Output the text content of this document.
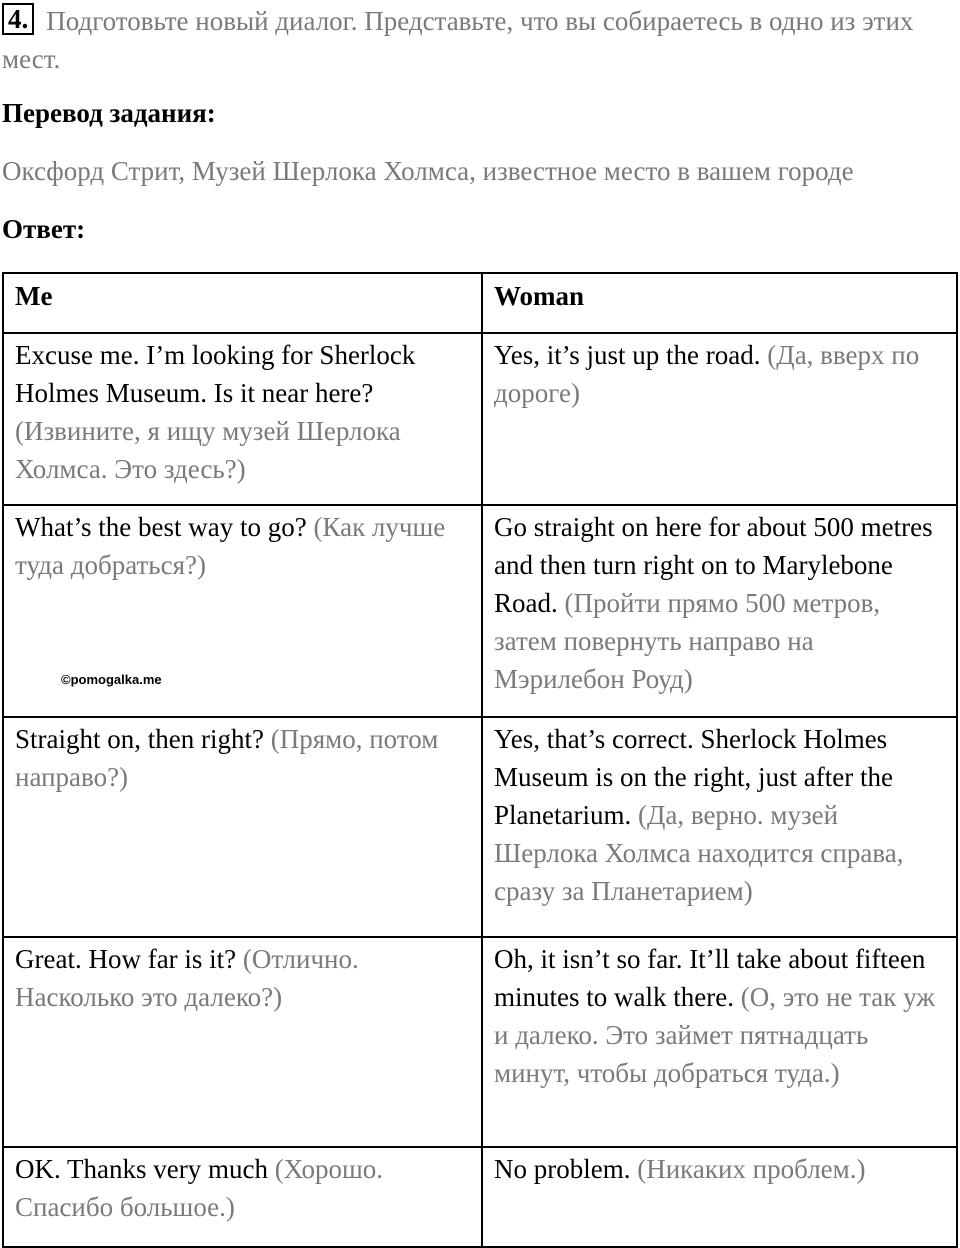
4. Подготовьте новый диалог. Представьте, что вы собираетесь в одно из этих мест.
Перевод задания:
Оксфорд Стрит, Музей Шерлока Холмса, известное место в вашем городе
Ответ:
Me	Woman

Excuse me. I’m looking for Sherlock Holmes Museum. Is it near here? (Извините, я ищу музей Шерлока Холмса. Это здесь?)	Yes, it’s just up the road. (Да, вверх по дороге)
What’s the best way to go? (Как лучше туда добраться?)	Go straight on here for about 500 metres and then turn right on to Marylebone Road. (Пройти прямо 500 метров, затем повернуть направо на Мэрилебон Роуд)
Straight on, then right? (Прямо, потом направо?)	Yes, that’s correct. Sherlock Holmes Museum is on the right, just after the Planetarium. (Да, верно. музей Шерлока Холмса находится справа, сразу за Планетарием)
Great. How far is it? (Отлично. Насколько это далеко?)	Oh, it isn’t so far. It’ll take about fifteen minutes to walk there. (О, это не так уж и далеко. Это займет пятнадцать минут, чтобы добраться туда.)
OK. Thanks very much (Хорошо. Спасибо большое.)	No problem. (Никаких проблем.)
©pomogalka.me
